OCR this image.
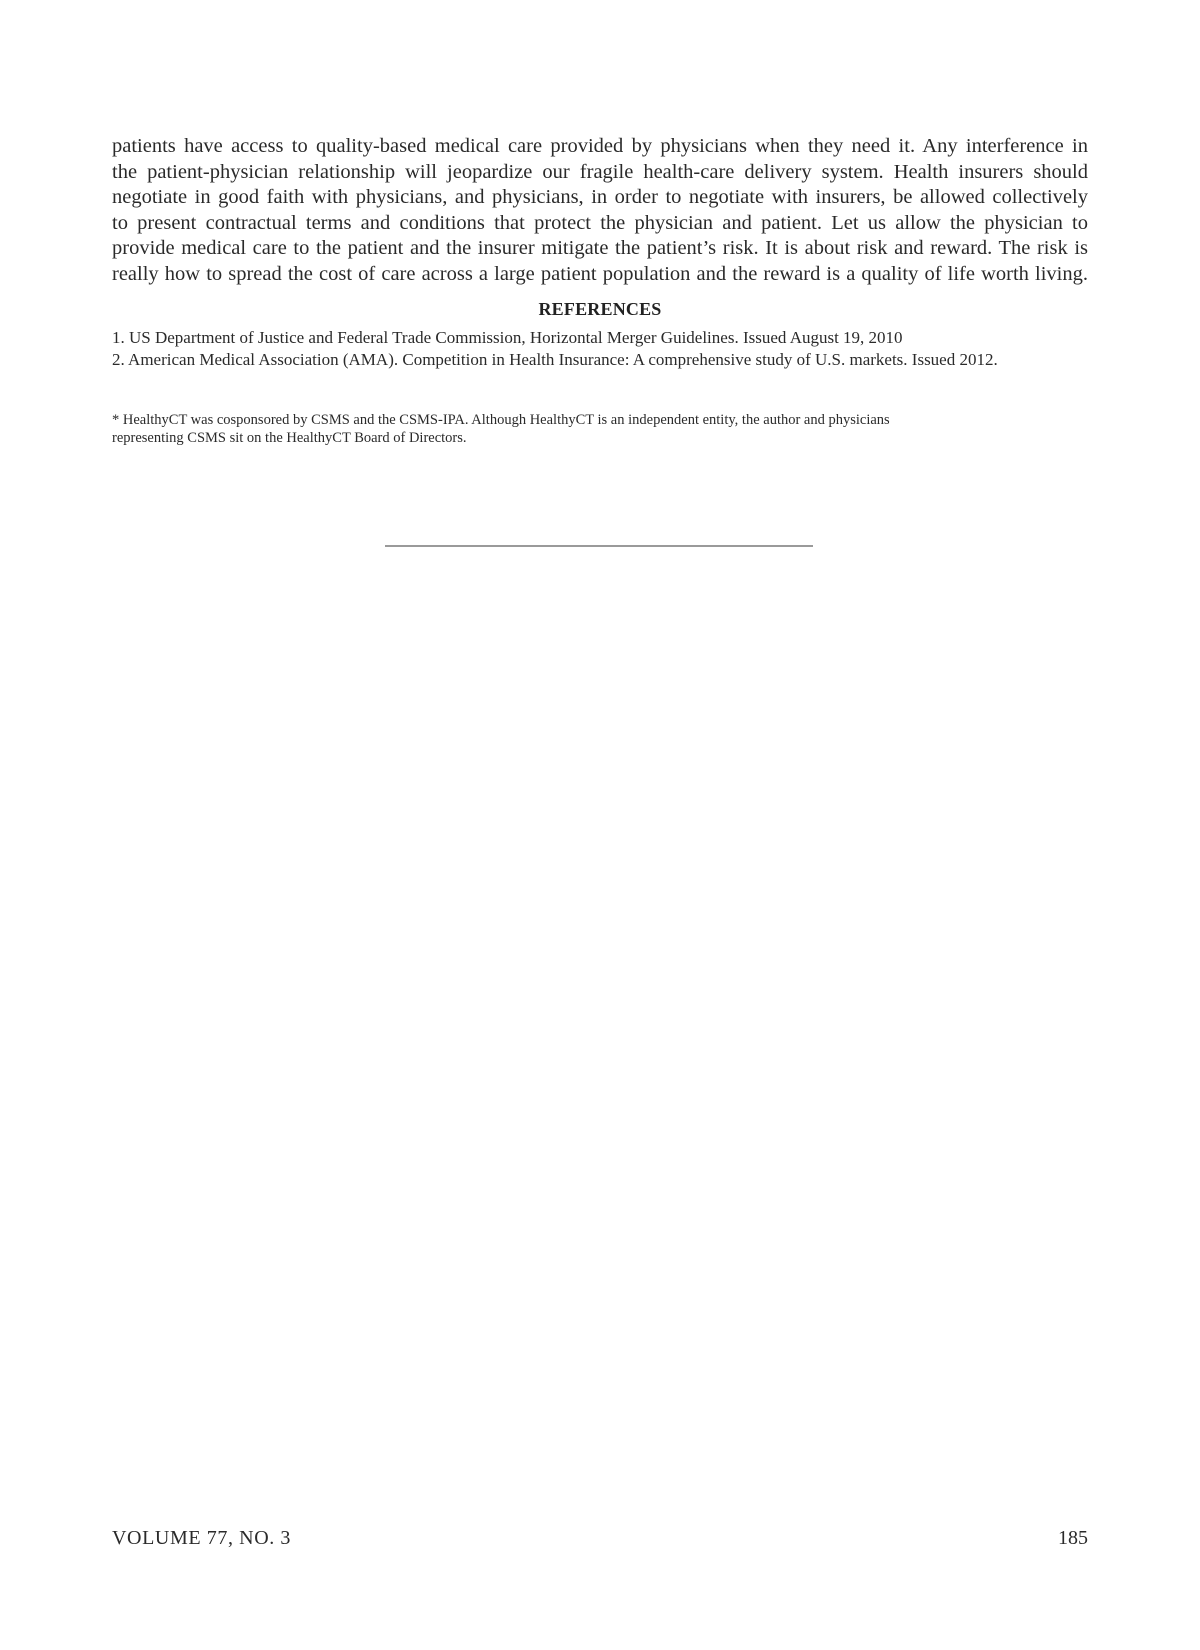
patients have access to quality-based medical care provided by physicians when they need it. Any interference in
the patient-physician relationship will jeopardize our fragile health-care delivery system. Health insurers should
negotiate in good faith with physicians, and physicians, in order to negotiate with insurers, be allowed collectively
to present contractual terms and conditions that protect the physician and patient. Let us allow the physician to
provide medical care to the patient and the insurer mitigate the patient’s risk. It is about risk and reward. The risk is
really how to spread the cost of care across a large patient population and the reward is a quality of life worth living.

REFERENCES
1. US Department of Justice and Federal Trade Commission, Horizontal Merger Guidelines. Issued August 19, 2010
2. American Medical Association (AMA). Competition in Health Insurance: A comprehensive study of U.S. markets. Issued 2012.

* HealthyCT was cosponsored by CSMS and the CSMS-IPA. Although HealthyCT is an independent entity, the author and physicians
representing CSMS sit on the HealthyCT Board of Directors.

VOLUME 77, NO. 3	185
